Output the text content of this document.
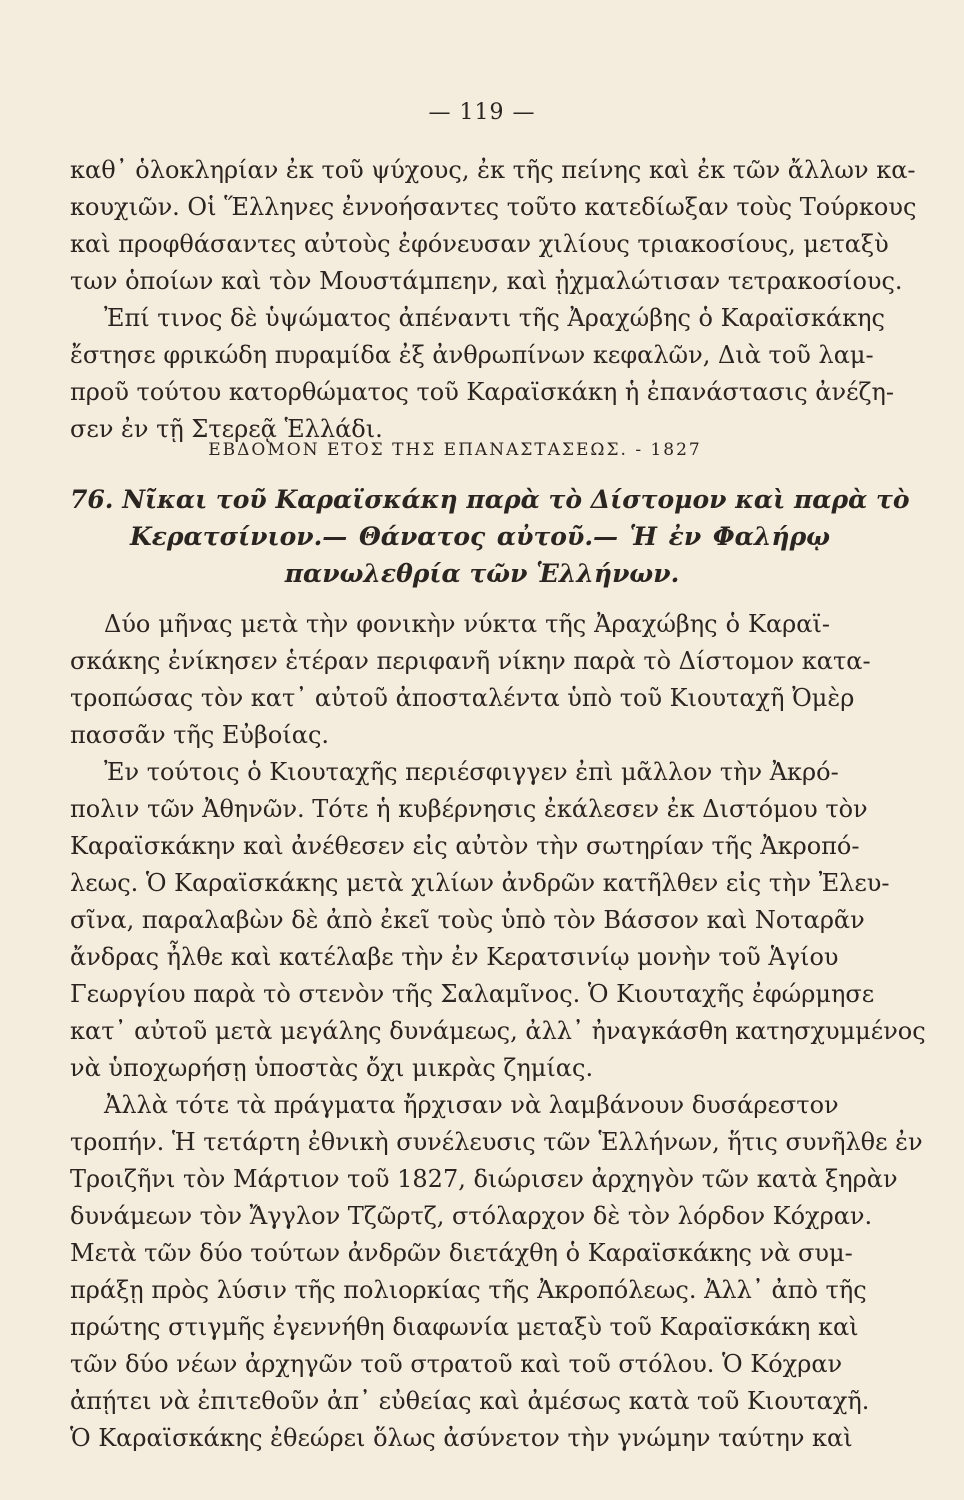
— 119 —

καθ᾽ ὁλοκληρίαν ἐκ τοῦ ψύχους, ἐκ τῆς πείνης καὶ ἐκ τῶν ἄλλων κα-

κουχιῶν. Οἱ Ἕλληνες ἐννοήσαντες τοῦτο κατεδίωξαν τοὺς Τούρκους

καὶ προφθάσαντες αὐτοὺς ἐφόνευσαν χιλίους τριακοσίους, μεταξὺ

των ὁποίων καὶ τὸν Μουστάμπεην, καὶ ᾐχμαλώτισαν τετρακοσίους.

Ἐπί τινος δὲ ὑψώματος ἀπέναντι τῆς Ἀραχώβης ὁ Καραϊσκάκης

ἔστησε φρικώδη πυραμίδα ἐξ ἀνθρωπίνων κεφαλῶν, Διὰ τοῦ λαμ-

προῦ τούτου κατορθώματος τοῦ Καραϊσκάκη ἡ ἐπανάστασις ἀνέζη-

σεν ἐν τῇ Στερεᾷ Ἑλλάδι.

ΕΒΔΟΜΟΝ ΕΤΟΣ ΤΗΣ ΕΠΑΝΑΣΤΑΣΕΩΣ. - 1827

76. Νῖκαι τοῦ Καραϊσκάκη παρὰ τὸ Δίστομον καὶ παρὰ τὸ

Κερατσίνιον.— Θάνατος αὐτοῦ.— Ἡ ἐν Φαλήρῳ

πανωλεθρία τῶν Ἑλλήνων.

Δύο μῆνας μετὰ τὴν φονικὴν νύκτα τῆς Ἀραχώβης ὁ Καραϊ-

σκάκης ἐνίκησεν ἑτέραν περιφανῆ νίκην παρὰ τὸ Δίστομον κατα-

τροπώσας τὸν κατ᾽ αὐτοῦ ἀποσταλέντα ὑπὸ τοῦ Κιουταχῆ Ὀμὲρ

πασσᾶν τῆς Εὐβοίας.

Ἐν τούτοις ὁ Κιουταχῆς περιέσφιγγεν ἐπὶ μᾶλλον τὴν Ἀκρό-

πολιν τῶν Ἀθηνῶν. Τότε ἡ κυβέρνησις ἐκάλεσεν ἐκ Διστόμου τὸν

Καραϊσκάκην καὶ ἀνέθεσεν εἰς αὐτὸν τὴν σωτηρίαν τῆς Ἀκροπό-

λεως. Ὁ Καραϊσκάκης μετὰ χιλίων ἀνδρῶν κατῆλθεν εἰς τὴν Ἐλευ-

σῖνα, παραλαβὼν δὲ ἀπὸ ἐκεῖ τοὺς ὑπὸ τὸν Βάσσον καὶ Νοταρᾶν

ἄνδρας ἦλθε καὶ κατέλαβε τὴν ἐν Κερατσινίῳ μονὴν τοῦ Ἁγίου

Γεωργίου παρὰ τὸ στενὸν τῆς Σαλαμῖνος. Ὁ Κιουταχῆς ἐφώρμησε

κατ᾽ αὐτοῦ μετὰ μεγάλης δυνάμεως, ἀλλ᾽ ἠναγκάσθη κατησχυμμένος

νὰ ὑποχωρήσῃ ὑποστὰς ὄχι μικρὰς ζημίας.

Ἀλλὰ τότε τὰ πράγματα ἤρχισαν νὰ λαμβάνουν δυσάρεστον

τροπήν. Ἡ τετάρτη ἐθνικὴ συνέλευσις τῶν Ἑλλήνων, ἥτις συνῆλθε ἐν

Τροιζῆνι τὸν Μάρτιον τοῦ 1827, διώρισεν ἀρχηγὸν τῶν κατὰ ξηρὰν

δυνάμεων τὸν Ἄγγλον Τζῶρτζ, στόλαρχον δὲ τὸν λόρδον Κόχραν.

Μετὰ τῶν δύο τούτων ἀνδρῶν διετάχθη ὁ Καραϊσκάκης νὰ συμ-

πράξῃ πρὸς λύσιν τῆς πολιορκίας τῆς Ἀκροπόλεως. Ἀλλ᾽ ἀπὸ τῆς

πρώτης στιγμῆς ἐγεννήθη διαφωνία μεταξὺ τοῦ Καραϊσκάκη καὶ

τῶν δύο νέων ἀρχηγῶν τοῦ στρατοῦ καὶ τοῦ στόλου. Ὁ Κόχραν

ἀπῄτει νὰ ἐπιτεθοῦν ἀπ᾽ εὐθείας καὶ ἀμέσως κατὰ τοῦ Κιουταχῆ.

Ὁ Καραϊσκάκης ἐθεώρει ὅλως ἀσύνετον τὴν γνώμην ταύτην καὶ
